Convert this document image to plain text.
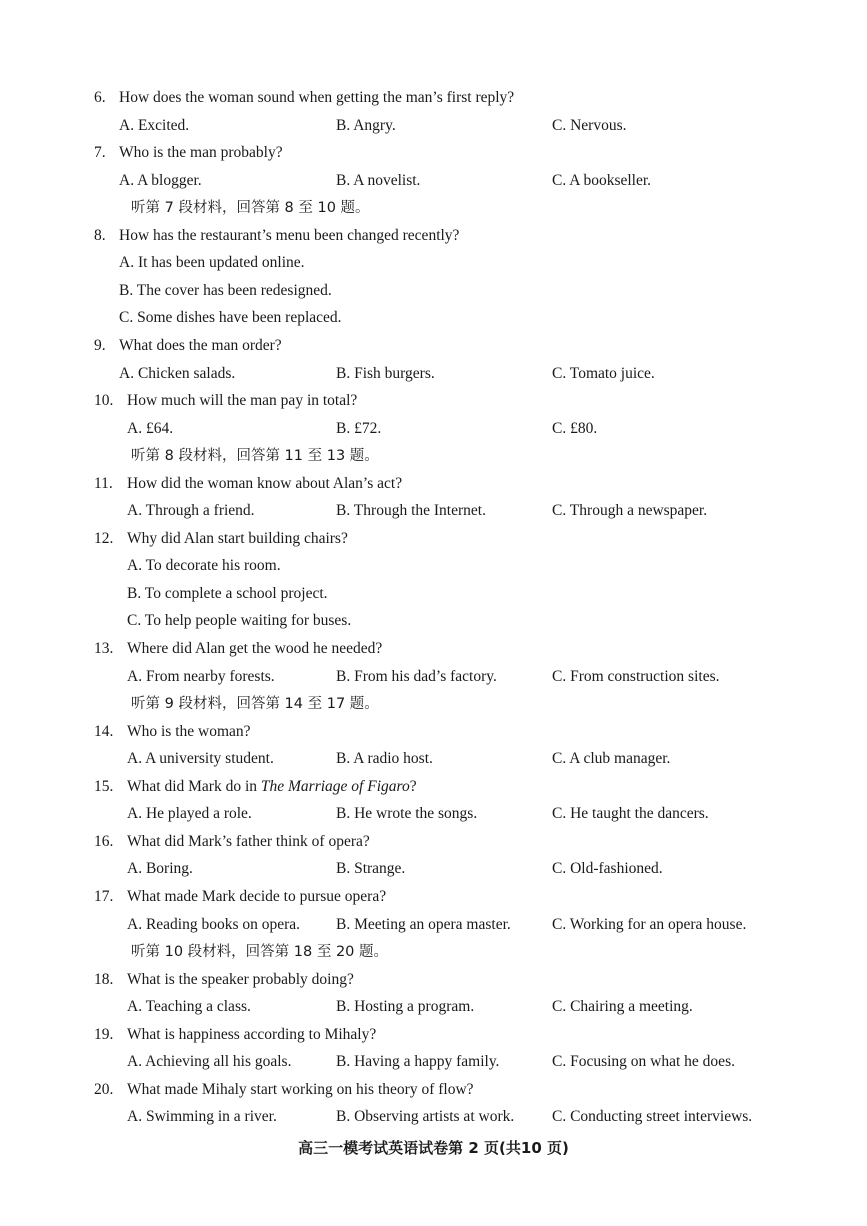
6. How does the woman sound when getting the man’s first reply?
A. Excited.	B. Angry.	C. Nervous.
7. Who is the man probably?
A. A blogger.	B. A novelist.	C. A bookseller.
听第 7 段材料，回答第 8 至 10 题。
8. How has the restaurant’s menu been changed recently?
A. It has been updated online.
B. The cover has been redesigned.
C. Some dishes have been replaced.
9. What does the man order?
A. Chicken salads.	B. Fish burgers.	C. Tomato juice.
10. How much will the man pay in total?
A. £64.	B. £72.	C. £80.
听第 8 段材料，回答第 11 至 13 题。
11. How did the woman know about Alan’s act?
A. Through a friend.	B. Through the Internet.	C. Through a newspaper.
12. Why did Alan start building chairs?
A. To decorate his room.
B. To complete a school project.
C. To help people waiting for buses.
13. Where did Alan get the wood he needed?
A. From nearby forests.	B. From his dad’s factory.	C. From construction sites.
听第 9 段材料，回答第 14 至 17 题。
14. Who is the woman?
A. A university student.	B. A radio host.	C. A club manager.
15. What did Mark do in The Marriage of Figaro?
A. He played a role.	B. He wrote the songs.	C. He taught the dancers.
16. What did Mark’s father think of opera?
A. Boring.	B. Strange.	C. Old-fashioned.
17. What made Mark decide to pursue opera?
A. Reading books on opera. B. Meeting an opera master.	C. Working for an opera house.
听第 10 段材料，回答第 18 至 20 题。
18. What is the speaker probably doing?
A. Teaching a class.	B. Hosting a program.	C. Chairing a meeting.
19. What is happiness according to Mihaly?
A. Achieving all his goals.	B. Having a happy family.	C. Focusing on what he does.
20. What made Mihaly start working on his theory of flow?
A. Swimming in a river.	B. Observing artists at work. C. Conducting street interviews.
高三一模考试英语试卷第 2 页(共10 页)
